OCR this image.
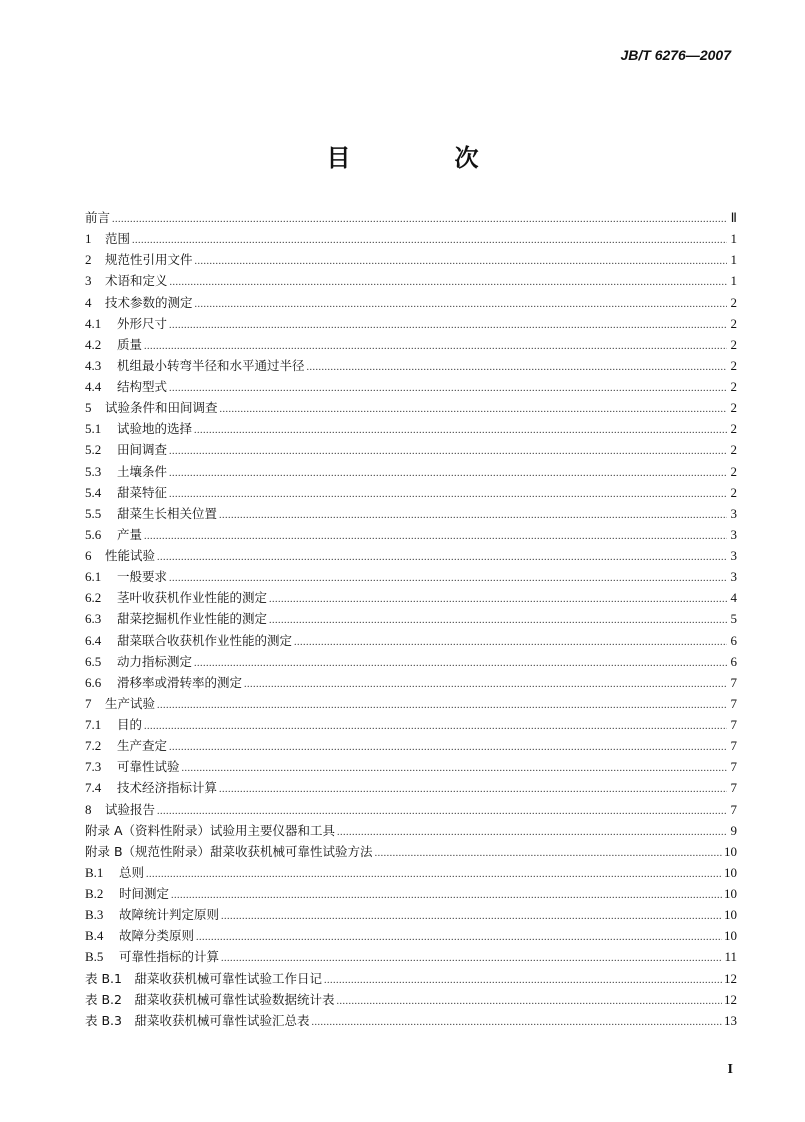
JB/T 6276—2007
目　次
前言 .....	Ⅱ
1	范围 .....	1
2	规范性引用文件 .....	1
3	术语和定义 .....	1
4	技术参数的测定 .....	2
4.1	外形尺寸 .....	2
4.2	质量 .....	2
4.3	机组最小转弯半径和水平通过半径 .....	2
4.4	结构型式 .....	2
5	试验条件和田间调查 .....	2
5.1	试验地的选择 .....	2
5.2	田间调查 .....	2
5.3	土壤条件 .....	2
5.4	甜菜特征 .....	2
5.5	甜菜生长相关位置 .....	3
5.6	产量 .....	3
6	性能试验 .....	3
6.1	一般要求 .....	3
6.2	茎叶收获机作业性能的测定 .....	4
6.3	甜菜挖掘机作业性能的测定 .....	5
6.4	甜菜联合收获机作业性能的测定 .....	6
6.5	动力指标测定 .....	6
6.6	滑移率或滑转率的测定 .....	7
7	生产试验 .....	7
7.1	目的 .....	7
7.2	生产查定 .....	7
7.3	可靠性试验 .....	7
7.4	技术经济指标计算 .....	7
8	试验报告 .....	7
附录 A（资料性附录）试验用主要仪器和工具 .....	9
附录 B（规范性附录）甜菜收获机械可靠性试验方法 .....	10
B.1	总则 .....	10
B.2	时间测定 .....	10
B.3	故障统计判定原则 .....	10
B.4	故障分类原则 .....	10
B.5	可靠性指标的计算 .....	11
表 B.1　甜菜收获机械可靠性试验工作日记 .....	12
表 B.2　甜菜收获机械可靠性试验数据统计表 .....	12
表 B.3　甜菜收获机械可靠性试验汇总表 .....	13
I
